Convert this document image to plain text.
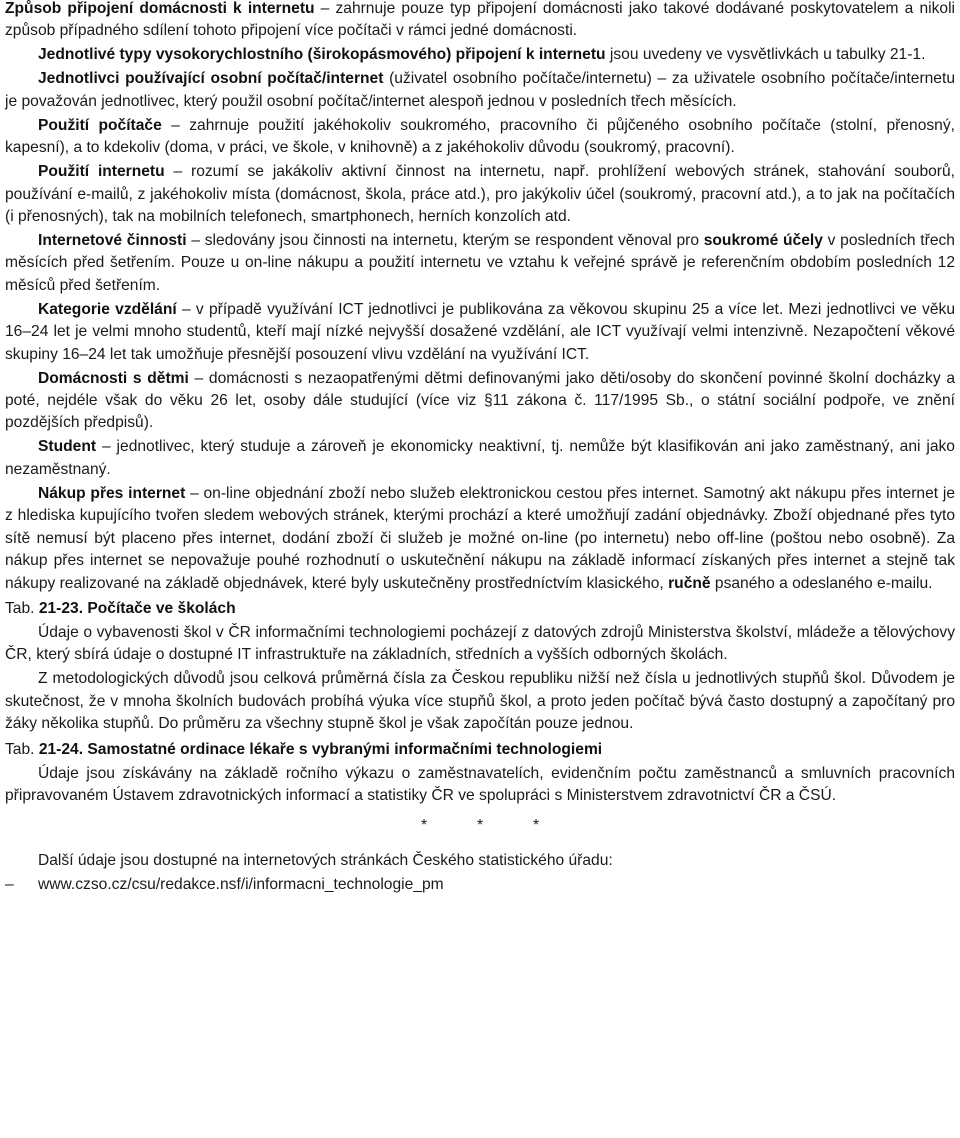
Způsob připojení domácnosti k internetu – zahrnuje pouze typ připojení domácnosti jako takové dodávané poskytovatelem a nikoli způsob případného sdílení tohoto připojení více počítači v rámci jedné domácnosti.

Jednotlivé typy vysokorychlostního (širokopásmového) připojení k internetu jsou uvedeny ve vysvětlivkách u tabulky 21-1.

Jednotlivci používající osobní počítač/internet (uživatel osobního počítače/internetu) – za uživatele osobního počítače/internetu je považován jednotlivec, který použil osobní počítač/internet alespoň jednou v posledních třech měsících.

Použití počítače – zahrnuje použití jakéhokoliv soukromého, pracovního či půjčeného osobního počítače (stolní, přenosný, kapesní), a to kdekoliv (doma, v práci, ve škole, v knihovně) a z jakéhokoliv důvodu (soukromý, pracovní).

Použití internetu – rozumí se jakákoliv aktivní činnost na internetu, např. prohlížení webových stránek, stahování souborů, používání e-mailů, z jakéhokoliv místa (domácnost, škola, práce atd.), pro jakýkoliv účel (soukromý, pracovní atd.), a to jak na počítačích (i přenosných), tak na mobilních telefonech, smartphonech, herních konzolích atd.

Internetové činnosti – sledovány jsou činnosti na internetu, kterým se respondent věnoval pro soukromé účely v posledních třech měsících před šetřením. Pouze u on-line nákupu a použití internetu ve vztahu k veřejné správě je referenčním obdobím posledních 12 měsíců před šetřením.

Kategorie vzdělání – v případě využívání ICT jednotlivci je publikována za věkovou skupinu 25 a více let. Mezi jednotlivci ve věku 16–24 let je velmi mnoho studentů, kteří mají nízké nejvyšší dosažené vzdělání, ale ICT využívají velmi intenzivně. Nezapočtení věkové skupiny 16–24 let tak umožňuje přesnější posouzení vlivu vzdělání na využívání ICT.

Domácnosti s dětmi – domácnosti s nezaopatřenými dětmi definovanými jako děti/osoby do skončení povinné školní docházky a poté, nejdéle však do věku 26 let, osoby dále studující (více viz §11 zákona č. 117/1995 Sb., o státní sociální podpoře, ve znění pozdějších předpisů).

Student – jednotlivec, který studuje a zároveň je ekonomicky neaktivní, tj. nemůže být klasifikován ani jako zaměstnaný, ani jako nezaměstnaný.

Nákup přes internet – on-line objednání zboží nebo služeb elektronickou cestou přes internet. Samotný akt nákupu přes internet je z hlediska kupujícího tvořen sledem webových stránek, kterými prochází a které umožňují zadání objednávky. Zboží objednané přes tyto sítě nemusí být placeno přes internet, dodání zboží či služeb je možné on-line (po internetu) nebo off-line (poštou nebo osobně). Za nákup přes internet se nepovažuje pouhé rozhodnutí o uskutečnění nákupu na základě informací získaných přes internet a stejně tak nákupy realizované na základě objednávek, které byly uskutečněny prostředníctvím klasického, ručně psaného a odeslaného e-mailu.

Tab. 21-23. Počítače ve školách

Údaje o vybavenosti škol v ČR informačními technologiemi pocházejí z datových zdrojů Ministerstva školství, mládeže a tělovýchovy ČR, který sbírá údaje o dostupné IT infrastruktuře na základních, středních a vyšších odborných školách.

Z metodologických důvodů jsou celková průměrná čísla za Českou republiku nižší než čísla u jednotlivých stupňů škol. Důvodem je skutečnost, že v mnoha školních budovách probíhá výuka více stupňů škol, a proto jeden počítač bývá často dostupný a započítaný pro žáky několika stupňů. Do průměru za všechny stupně škol je však započítán pouze jednou.

Tab. 21-24. Samostatné ordinace lékaře s vybranými informačními technologiemi

Údaje jsou získávány na základě ročního výkazu o zaměstnavatelích, evidenčním počtu zaměstnanců a smluvních pracovních připravovaném Ústavem zdravotnických informací a statistiky ČR ve spolupráci s Ministerstvem zdravotnictví ČR a ČSÚ.

*	*	*

Další údaje jsou dostupné na internetových stránkách Českého statistického úřadu:

– www.czso.cz/csu/redakce.nsf/i/informacni_technologie_pm
